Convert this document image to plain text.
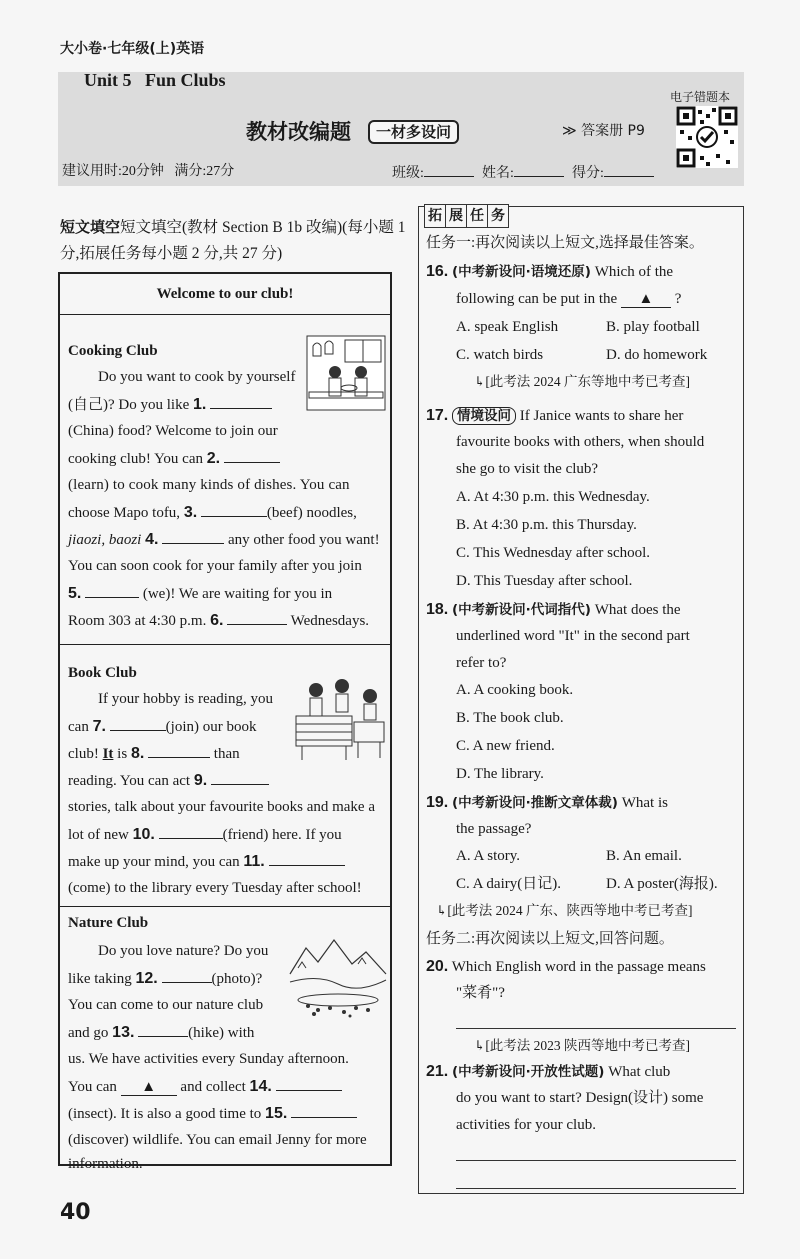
大小卷·七年级(上)英语
Unit 5   Fun Clubs
教材改编题	一材多设问	≫ 答案册 P9
电子错题本
建议用时:20分钟   满分:27分	班级:	姓名:	得分:
短文填空短文填空(教材 Section B 1b 改编)(每小题 1
分,拓展任务每小题 2 分,共 27 分)
Welcome to our club!
Cooking Club
Do you want to cook by yourself
(自己)? Do you like 1.
(China) food? Welcome to join our
cooking club! You can 2.
(learn) to cook many kinds of dishes. You can
choose Mapo tofu, 3.	(beef) noodles,
jiaozi, baozi 4.	any other food you want!
You can soon cook for your family after you join
5.	(we)! We are waiting for you in
Room 303 at 4:30 p.m. 6.	Wednesdays.
Book Club
If your hobby is reading, you
can 7.	(join) our book
club! It is 8.	than
reading. You can act 9.
stories, talk about your favourite books and make a
lot of new 10.	(friend) here. If you
make up your mind, you can 11.
(come) to the library every Tuesday after school!
Nature Club
Do you love nature? Do you
like taking 12.	(photo)?
You can come to our nature club
and go 13.	(hike) with
us. We have activities every Sunday afternoon.
You can ▲ and collect 14.
(insect). It is also a good time to 15.
(discover) wildlife. You can email Jenny for more
information.
拓 展 任 务
任务一:再次阅读以上短文,选择最佳答案。
16. (中考新设问·语境还原) Which of the
following can be put in the ▲ ?
A. speak English	B. play football
C. watch birds	D. do homework
↳[此考法 2024 广东等地中考已考查]
17. 情境设问 If Janice wants to share her
favourite books with others, when should
she go to visit the club?
A. At 4:30 p.m. this Wednesday.
B. At 4:30 p.m. this Thursday.
C. This Wednesday after school.
D. This Tuesday after school.
18. (中考新设问·代词指代) What does the
underlined word "It" in the second part
refer to?
A. A cooking book.
B. The book club.
C. A new friend.
D. The library.
19. (中考新设问·推断文章体裁) What is
the passage?
A. A story.	B. An email.
C. A dairy(日记).	D. A poster(海报).
↳[此考法 2024 广东、陕西等地中考已考查]
任务二:再次阅读以上短文,回答问题。
20. Which English word in the passage means
"菜肴"?
↳[此考法 2023 陕西等地中考已考查]
21. (中考新设问·开放性试题) What club
do you want to start? Design(设计) some
activities for your club.
40
